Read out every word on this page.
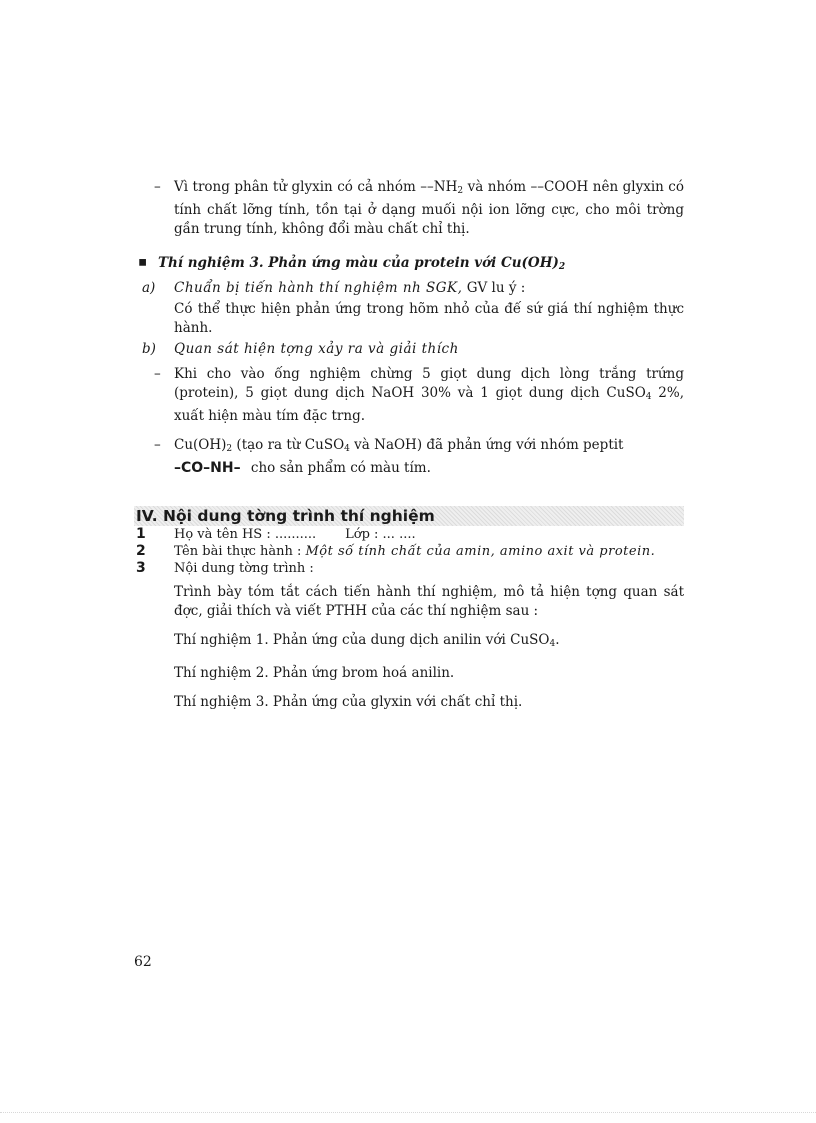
– Vì trong phân tử glyxin có cả nhóm $--NH_2$ và nhóm ––COOH nên glyxin có tính chất lỡng tính, tồn tại ở dạng muối nội ion lỡng cực, cho môi trờng gần trung tính, không đổi màu chất chỉ thị.
▪ Thí nghiệm 3. Phản ứng màu của protein với $Cu(OH)_2$
a) Chuẩn bị tiến hành thí nghiệm nh SGK, GV lu ý :
Có thể thực hiện phản ứng trong hõm nhỏ của đế sứ giá thí nghiệm thực hành.
b) Quan sát hiện tợng xảy ra và giải thích
– Khi cho vào ống nghiệm chừng 5 giọt dung dịch lòng trắng trứng (protein), 5 giọt dung dịch NaOH 30% và 1 giọt dung dịch CuSO$_4$ 2%, xuất hiện màu tím đặc trng.
– $Cu(OH)_2$ (tạo ra từ CuSO$_4$ và NaOH) đã phản ứng với nhóm peptit
–CO–NH– cho sản phẩm có màu tím.
IV. Nội dung tờng trình thí nghiệm
1 Họ và tên HS : .......... Lớp : ... ....
2 Tên bài thực hành : Một số tính chất của amin, amino axit và protein.
3 Nội dung tờng trình :
Trình bày tóm tắt cách tiến hành thí nghiệm, mô tả hiện tợng quan sát đợc, giải thích và viết PTHH của các thí nghiệm sau :
Thí nghiệm 1. Phản ứng của dung dịch anilin với CuSO$_4$.
Thí nghiệm 2. Phản ứng brom hoá anilin.
Thí nghiệm 3. Phản ứng của glyxin với chất chỉ thị.
62
